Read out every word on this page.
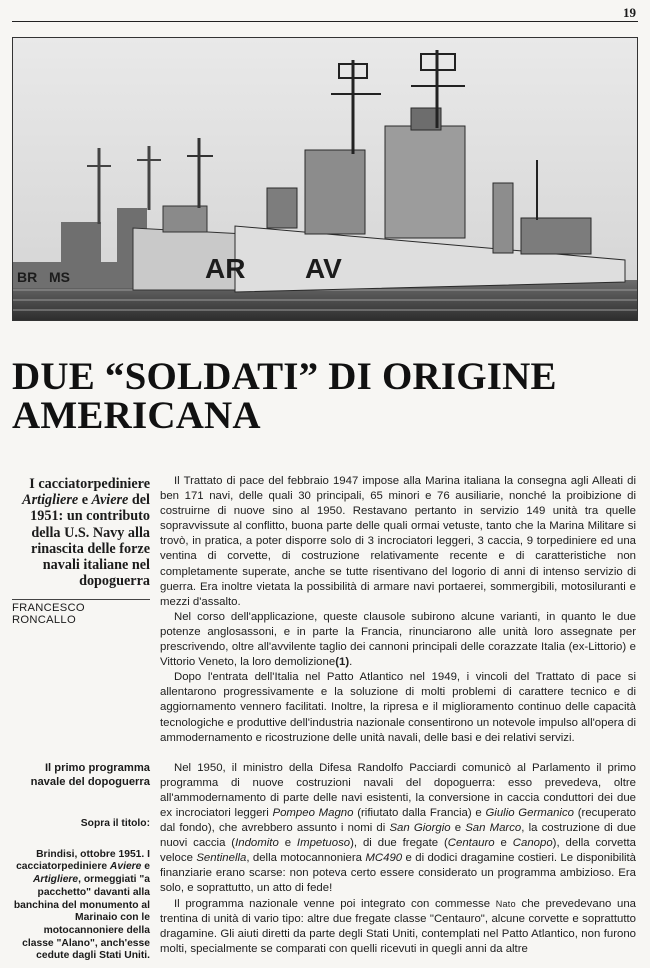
19
BR MS	AR AV
DUE “SOLDATI” DI ORIGINE AMERICANA
I cacciatorpediniere Artigliere e Aviere del 1951: un contributo della U.S. Navy alla rinascita delle forze navali italiane nel dopoguerra
FRANCESCO RONCALLO
Il primo programma navale del dopoguerra
Sopra il titolo:
Brindisi, ottobre 1951. I cacciatorpediniere Aviere e Artigliere, ormeggiati "a pacchetto" davanti alla banchina del monumento al Marinaio con le motocannoniere della classe "Alano", anch'esse cedute dagli Stati Uniti.

Il Trattato di pace del febbraio 1947 impose alla Marina italiana la consegna agli Alleati di ben 171 navi, delle quali 30 principali, 65 minori e 76 ausiliarie, nonché la proibizione di costruirne di nuove sino al 1950. Restavano pertanto in servizio 149 unità tra quelle sopravvissute al conflitto, buona parte delle quali ormai vetuste, tanto che la Marina Militare si trovò, in pratica, a poter disporre solo di 3 incrociatori leggeri, 3 caccia, 9 torpediniere ed una ventina di corvette, di costruzione relativamente recente e di caratteristiche non completamente superate, anche se tutte risentivano del logorio di anni di intenso servizio di guerra. Era inoltre vietata la possibilità di armare navi portaerei, sommergibili, motosiluranti e mezzi d'assalto.

Nel corso dell'applicazione, queste clausole subirono alcune varianti, in quanto le due potenze anglosassoni, e in parte la Francia, rinunciarono alle unità loro assegnate per prescrivendo, oltre all'avvilente taglio dei cannoni principali delle corazzate Italia (ex-Littorio) e Vittorio Veneto, la loro demolizione(1).

Dopo l'entrata dell'Italia nel Patto Atlantico nel 1949, i vincoli del Trattato di pace si allentarono progressivamente e la soluzione di molti problemi di carattere tecnico e di aggiornamento vennero facilitati. Inoltre, la ripresa e il miglioramento continuo delle capacità tecnologiche e produttive dell'industria nazionale consentirono un notevole impulso all'opera di ammodernamento e ricostruzione delle unità navali, delle basi e dei relativi servizi.

Nel 1950, il ministro della Difesa Randolfo Pacciardi comunicò al Parlamento il primo programma di nuove costruzioni navali del dopoguerra: esso prevedeva, oltre all'ammodernamento di parte delle navi esistenti, la conversione in caccia conduttori dei due ex incrociatori leggeri Pompeo Magno (rifiutato dalla Francia) e Giulio Germanico (recuperato dal fondo), che avrebbero assunto i nomi di San Giorgio e San Marco, la costruzione di due nuovi caccia (Indomito e Impetuoso), di due fregate (Centauro e Canopo), della corvetta veloce Sentinella, della motocannoniera MC490 e di dodici dragamine costieri. Le disponibilità finanziarie erano scarse: non poteva certo essere considerato un programma ambizioso. Era solo, e soprattutto, un atto di fede!

Il programma nazionale venne poi integrato con commesse Nato che prevedevano una trentina di unità di vario tipo: altre due fregate classe "Centauro", alcune corvette e soprattutto dragamine. Gli aiuti diretti da parte degli Stati Uniti, contemplati nel Patto Atlantico, non furono molti, specialmente se comparati con quelli ricevuti in quegli anni da altre
